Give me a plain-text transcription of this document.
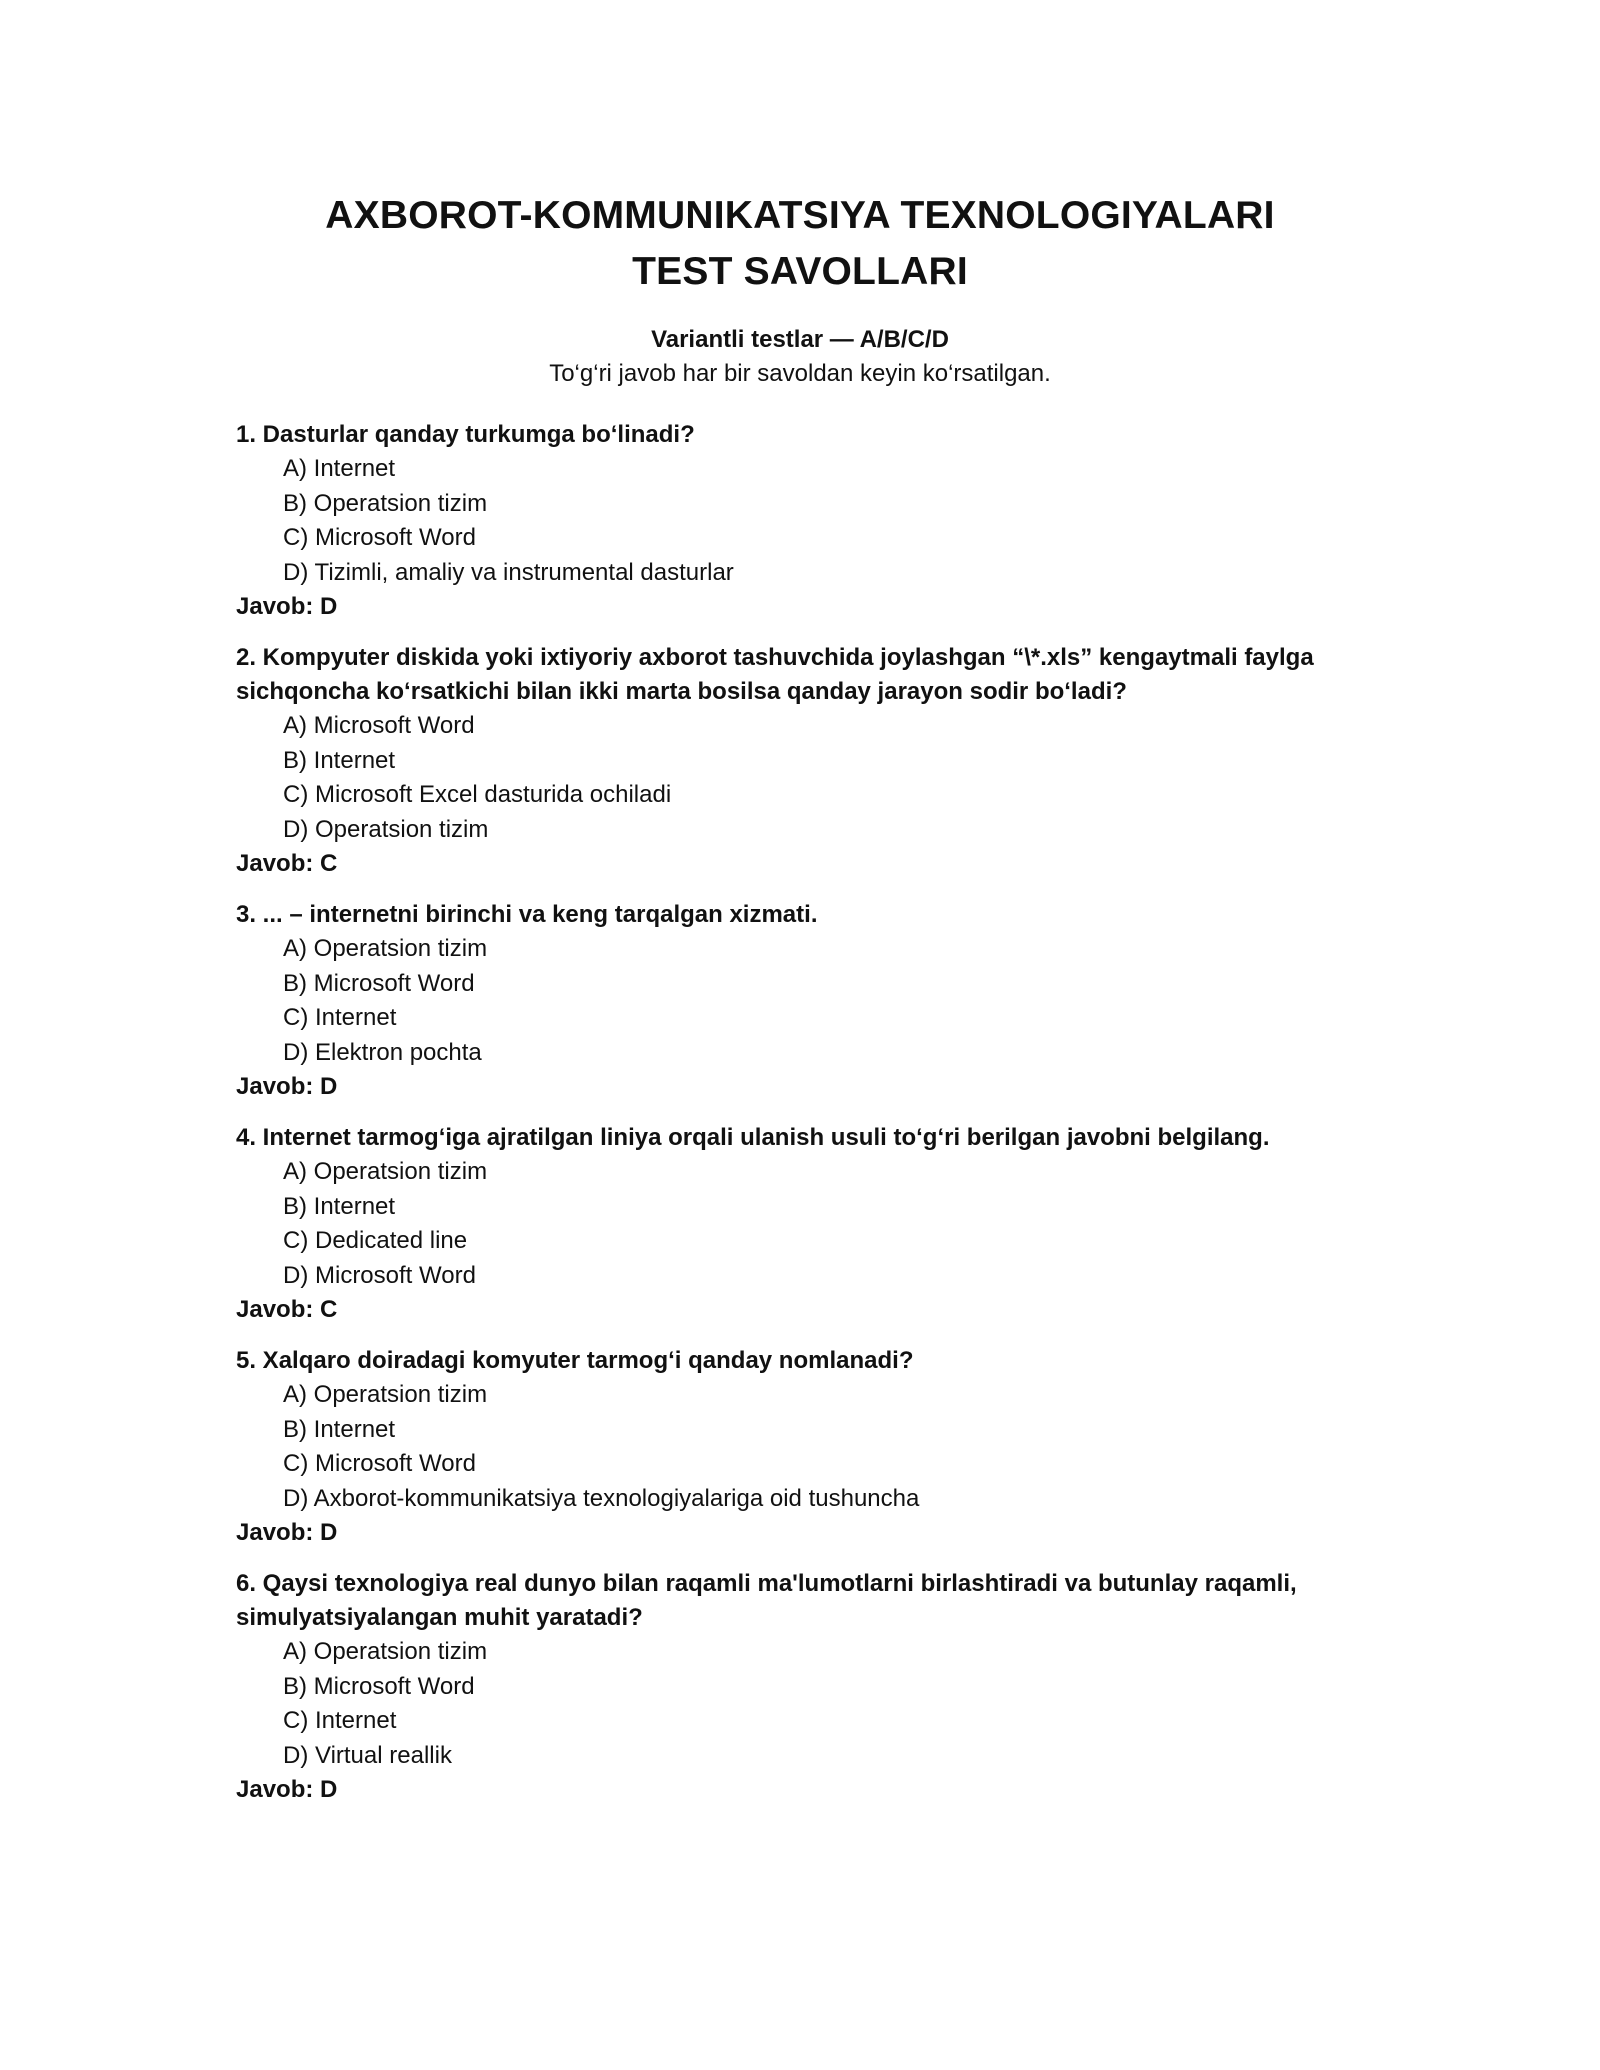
AXBOROT-KOMMUNIKATSIYA TEXNOLOGIYALARI
TEST SAVOLLARI
Variantli testlar — A/B/C/D
To‘g‘ri javob har bir savoldan keyin ko‘rsatilgan.
1. Dasturlar qanday turkumga bo‘linadi?
A) Internet
B) Operatsion tizim
C) Microsoft Word
D) Tizimli, amaliy va instrumental dasturlar
Javob: D
2. Kompyuter diskida yoki ixtiyoriy axborot tashuvchida joylashgan “\*.xls” kengaytmali faylga sichqoncha ko‘rsatkichi bilan ikki marta bosilsa qanday jarayon sodir bo‘ladi?
A) Microsoft Word
B) Internet
C) Microsoft Excel dasturida ochiladi
D) Operatsion tizim
Javob: C
3. ... – internetni birinchi va keng tarqalgan xizmati.
A) Operatsion tizim
B) Microsoft Word
C) Internet
D) Elektron pochta
Javob: D
4. Internet tarmog‘iga ajratilgan liniya orqali ulanish usuli to‘g‘ri berilgan javobni belgilang.
A) Operatsion tizim
B) Internet
C) Dedicated line
D) Microsoft Word
Javob: C
5. Xalqaro doiradagi komyuter tarmog‘i qanday nomlanadi?
A) Operatsion tizim
B) Internet
C) Microsoft Word
D) Axborot-kommunikatsiya texnologiyalariga oid tushuncha
Javob: D
6. Qaysi texnologiya real dunyo bilan raqamli ma'lumotlarni birlashtiradi va butunlay raqamli, simulyatsiyalangan muhit yaratadi?
A) Operatsion tizim
B) Microsoft Word
C) Internet
D) Virtual reallik
Javob: D
